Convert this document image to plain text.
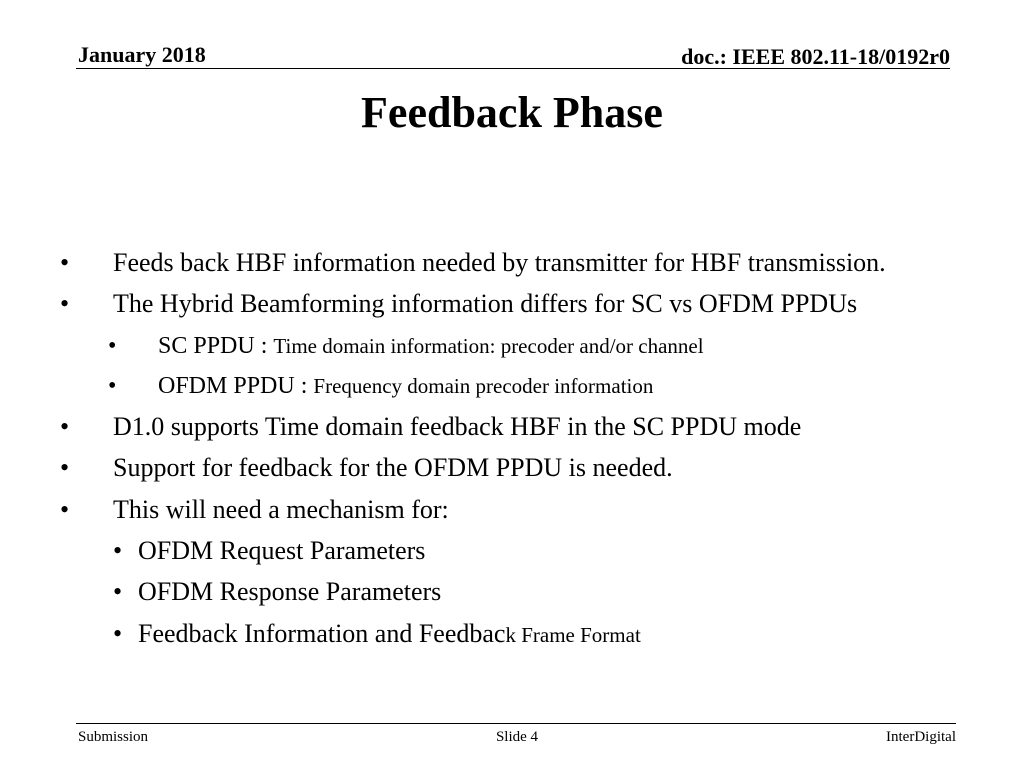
January 2018	doc.: IEEE 802.11-18/0192r0
Feedback Phase
• Feeds back HBF information needed by transmitter for HBF transmission.
• The Hybrid Beamforming information differs for SC vs OFDM PPDUs
• SC PPDU : Time domain information: precoder and/or channel
• OFDM PPDU : Frequency domain precoder information
• D1.0 supports Time domain feedback HBF in the SC PPDU mode
• Support for feedback for the OFDM PPDU is needed.
• This will need a mechanism for:
• OFDM Request Parameters
• OFDM Response Parameters
• Feedback Information and Feedback Frame Format
Submission	Slide 4	InterDigital
